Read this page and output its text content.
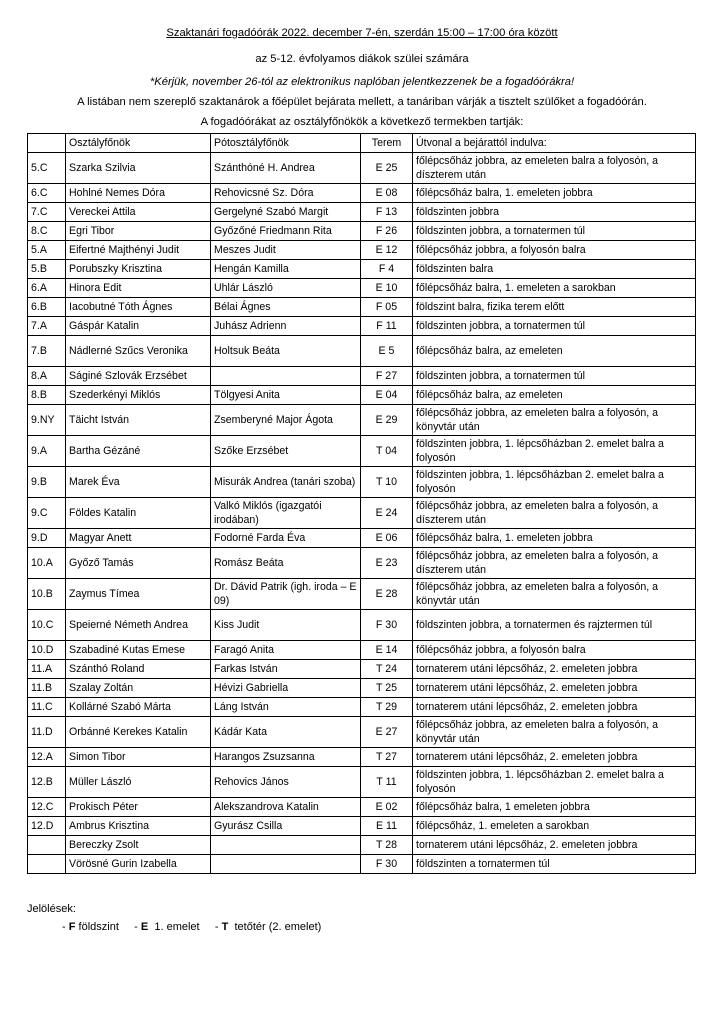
Szaktanári fogadóórák 2022. december 7-én, szerdán 15:00 – 17:00 óra között
az 5-12. évfolyamos diákok szülei számára
*Kérjük, november 26-tól az elektronikus naplóban jelentkezzenek be a fogadóórákra!
A listában nem szereplő szaktanárok a főépület bejárata mellett, a tanáriban várják a tisztelt szülőket a fogadóórán.
A fogadóórákat az osztályfőnökök a következő termekben tartják:
	Osztályfőnök	Pótosztályfőnök	Terem	Útvonal a bejárattól indulva:
5.C	Szarka Szilvia	Szánthóné H. Andrea	E 25	főlépcsőház jobbra, az emeleten balra a folyosón, a díszterem után
6.C	Hohlné Nemes Dóra	Rehovicsné Sz. Dóra	E 08	főlépcsőház balra, 1. emeleten jobbra
7.C	Vereckei Attila	Gergelyné Szabó Margit	F 13	földszinten jobbra
8.C	Egri Tibor	Győzőné Friedmann Rita	F 26	földszinten jobbra, a tornatermen túl
5.A	Eifertné Majthényi Judit	Meszes Judit	E 12	főlépcsőház jobbra, a folyosón balra
5.B	Porubszky Krisztina	Hengán Kamilla	F 4	földszinten balra
6.A	Hinora Edit	Uhlár László	E 10	főlépcsőház balra, 1. emeleten a sarokban
6.B	Iacobutné Tóth Ágnes	Bélai Ágnes	F 05	földszint balra, fizika terem előtt
7.A	Gáspár Katalin	Juhász Adrienn	F 11	földszinten jobbra, a tornatermen túl
7.B	Nádlerné Szűcs Veronika	Holtsuk Beáta	E 5	főlépcsőház balra, az emeleten
8.A	Ságiné Szlovák Erzsébet		F 27	földszinten jobbra, a tornatermen túl
8.B	Szederkényi Miklós	Tölgyesi Anita	E 04	főlépcsőház balra, az emeleten
9.NY	Täicht István	Zsemberyné Major Ágota	E 29	főlépcsőház jobbra, az emeleten balra a folyosón, a könyvtár után
9.A	Bartha Gézáné	Szőke Erzsébet	T 04	földszinten jobbra, 1. lépcsőházban 2. emelet balra a folyosón
9.B	Marek Éva	Misurák Andrea (tanári szoba)	T 10	földszinten jobbra, 1. lépcsőházban 2. emelet balra a folyosón
9.C	Földes Katalin	Valkó Miklós (igazgatói irodában)	E 24	főlépcsőház jobbra, az emeleten balra a folyosón, a díszterem után
9.D	Magyar Anett	Fodorné Farda Éva	E 06	főlépcsőház balra, 1. emeleten jobbra
10.A	Győző Tamás	Romász Beáta	E 23	főlépcsőház jobbra, az emeleten balra a folyosón, a díszterem után
10.B	Zaymus Tímea	Dr. Dávid Patrik (igh. iroda – E 09)	E 28	főlépcsőház jobbra, az emeleten balra a folyosón, a könyvtár után
10.C	Speierné Németh Andrea	Kiss Judit	F 30	földszinten jobbra, a tornatermen és rajztermen túl
10.D	Szabadiné Kutas Emese	Faragó Anita	E 14	főlépcsőház jobbra, a folyosón balra
11.A	Szánthó Roland	Farkas István	T 24	tornaterem utáni lépcsőház, 2. emeleten jobbra
11.B	Szalay Zoltán	Hévizi Gabriella	T 25	tornaterem utáni lépcsőház, 2. emeleten jobbra
11.C	Kollárné Szabó Márta	Láng István	T 29	tornaterem utáni lépcsőház, 2. emeleten jobbra
11.D	Orbánné Kerekes Katalin	Kádár Kata	E 27	főlépcsőház jobbra, az emeleten balra a folyosón, a könyvtár után
12.A	Simon Tibor	Harangos Zsuzsanna	T 27	tornaterem utáni lépcsőház, 2. emeleten jobbra
12.B	Müller László	Rehovics János	T 11	földszinten jobbra, 1. lépcsőházban 2. emelet balra a folyosón
12.C	Prokisch Péter	Alekszandrova Katalin	E 02	főlépcsőház balra, 1 emeleten jobbra
12.D	Ambrus Krisztina	Gyurász Csilla	E 11	főlépcsőház, 1. emeleten a sarokban
	Bereczky Zsolt		T 28	tornaterem utáni lépcsőház, 2. emeleten jobbra
	Vörösné Gurin Izabella		F 30	földszinten a tornatermen túl
Jelölések:
- F földszint     - E 1. emelet     - T tetőtér (2. emelet)
